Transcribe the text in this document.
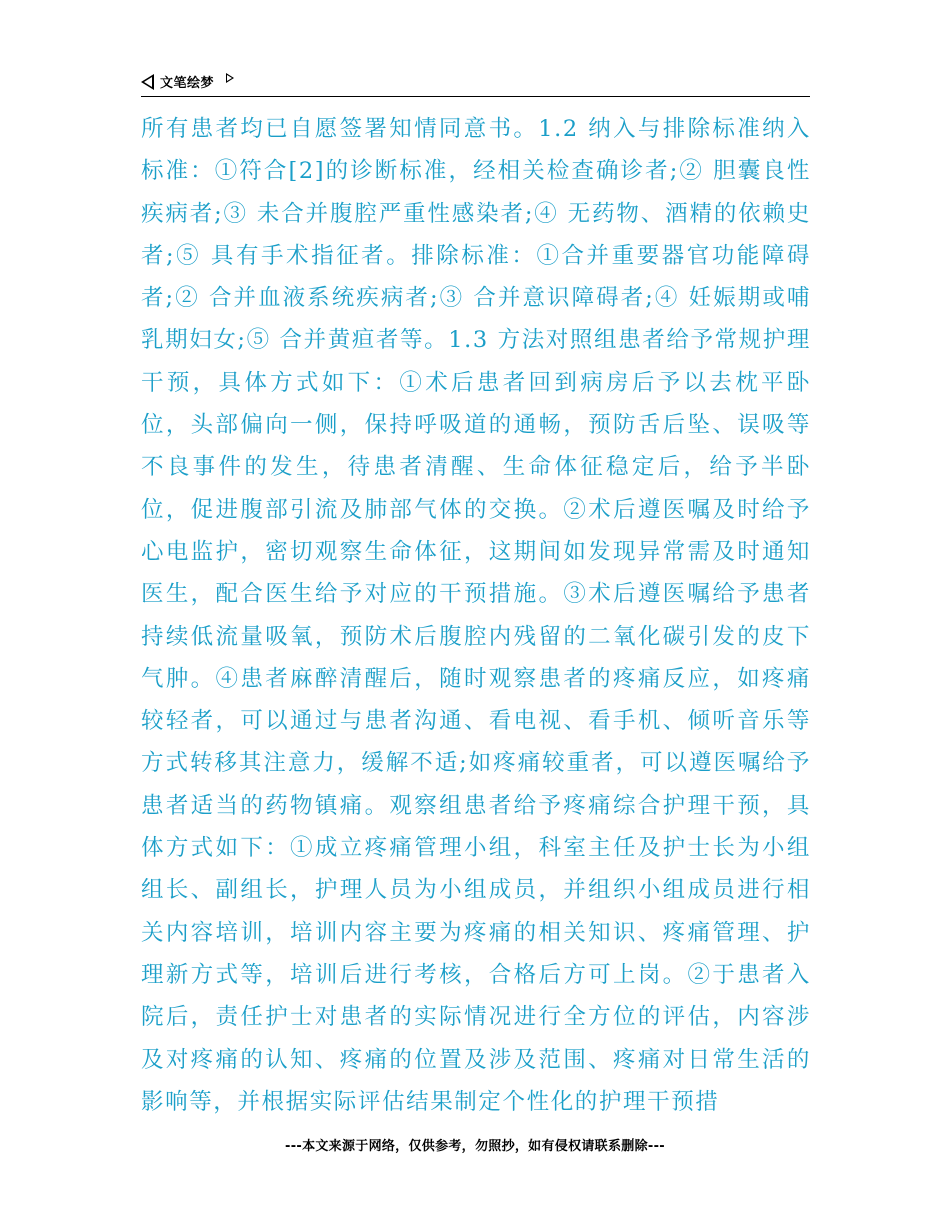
文笔绘梦

所有患者均已自愿签署知情同意书。1.2 纳入与排除标准纳入标准：①符合[2]的诊断标准，经相关检查确诊者;② 胆囊良性疾病者;③ 未合并腹腔严重性感染者;④ 无药物、酒精的依赖史者;⑤ 具有手术指征者。排除标准：①合并重要器官功能障碍者;② 合并血液系统疾病者;③ 合并意识障碍者;④ 妊娠期或哺乳期妇女;⑤ 合并黄疸者等。1.3 方法对照组患者给予常规护理干预，具体方式如下：①术后患者回到病房后予以去枕平卧位，头部偏向一侧，保持呼吸道的通畅，预防舌后坠、误吸等不良事件的发生，待患者清醒、生命体征稳定后，给予半卧位，促进腹部引流及肺部气体的交换。②术后遵医嘱及时给予心电监护，密切观察生命体征，这期间如发现异常需及时通知医生，配合医生给予对应的干预措施。③术后遵医嘱给予患者持续低流量吸氧，预防术后腹腔内残留的二氧化碳引发的皮下气肿。④患者麻醉清醒后，随时观察患者的疼痛反应，如疼痛较轻者，可以通过与患者沟通、看电视、看手机、倾听音乐等方式转移其注意力，缓解不适;如疼痛较重者，可以遵医嘱给予患者适当的药物镇痛。观察组患者给予疼痛综合护理干预，具体方式如下：①成立疼痛管理小组，科室主任及护士长为小组组长、副组长，护理人员为小组成员，并组织小组成员进行相关内容培训，培训内容主要为疼痛的相关知识、疼痛管理、护理新方式等，培训后进行考核，合格后方可上岗。②于患者入院后，责任护士对患者的实际情况进行全方位的评估，内容涉及对疼痛的认知、疼痛的位置及涉及范围、疼痛对日常生活的影响等，并根据实际评估结果制定个性化的护理干预措

---本文来源于网络，仅供参考，勿照抄，如有侵权请联系删除---
